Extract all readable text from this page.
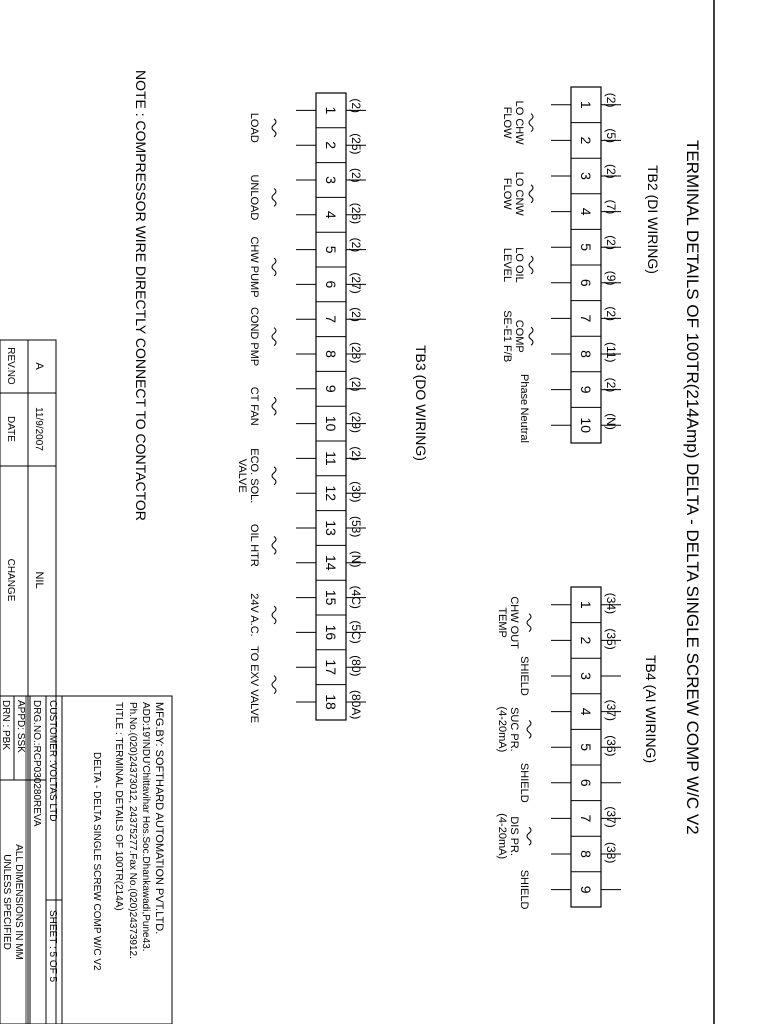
TERMINAL DETAILS OF 100TR(214Amp) DELTA - DELTA SINGLE SCREW COMP W/C V2
TB2 (DI WIRING)
1
2
3
4
5
6
7
8
9
10
(2)
(5)
(2)
(7)
(2)
(9)
(2)
(11)
(2)
(N)
LO CHW
FLOW
LO CNW
FLOW
LO OIL
LEVEL
COMP
SE-E1 F/B
Phase
Neutral
TB3 (DO WIRING)
1
2
3
4
5
6
7
8
9
10
11
12
13
14
15
16
17
18
(2)
(25)
(2)
(26)
(2)
(27)
(2)
(28)
(2)
(29)
(2)
(30)
(53)
(N)
(4C)
(5C)
(80)
(80A)
LOAD
UNLOAD
CHW PUMP
COND PMP
CT FAN
ECO. SOL.
VALVE
OIL HTR
24V A.C.
TO EXV VALVE	TB4 (AI WIRING)
1
2
3
4
5
6
7
8
9
(34)
(35)
(37)
(36)
(37)
(38)
CHW OUT
TEMP
SHIELD
SUC PR.
(4-20mA)
SHIELD
DIS PR.
(4-20mA)
SHIELD
NOTE : COMPRESSOR WIRE DIRECTLY CONNECT TO CONTACTOR
A
11/9/2007
NIL
REV.NO
DATE
CHANGE
MFG.BY: SOFTHARD AUTOMATION PVT.LTD.
ADD:19'INDU'Chittavihar Hos.Soc.Dhankawadi,Pune43.
Ph.No.(020)24373012, 24375277.Fax No.(020)24373912.
TITLE : TERMINAL DETAILS OF 100TR(214A)
DELTA - DELTA SINGLE SCREW COMP W/C V2
CUSTOMER :VOLTAS LTD
SHEET : 5 OF 5
DRG.NO.:RCP030280REVA
APPD: SSK
DRN : PBK
ALL DIMENSIONS IN MM
UNLESS SPECIFIED
